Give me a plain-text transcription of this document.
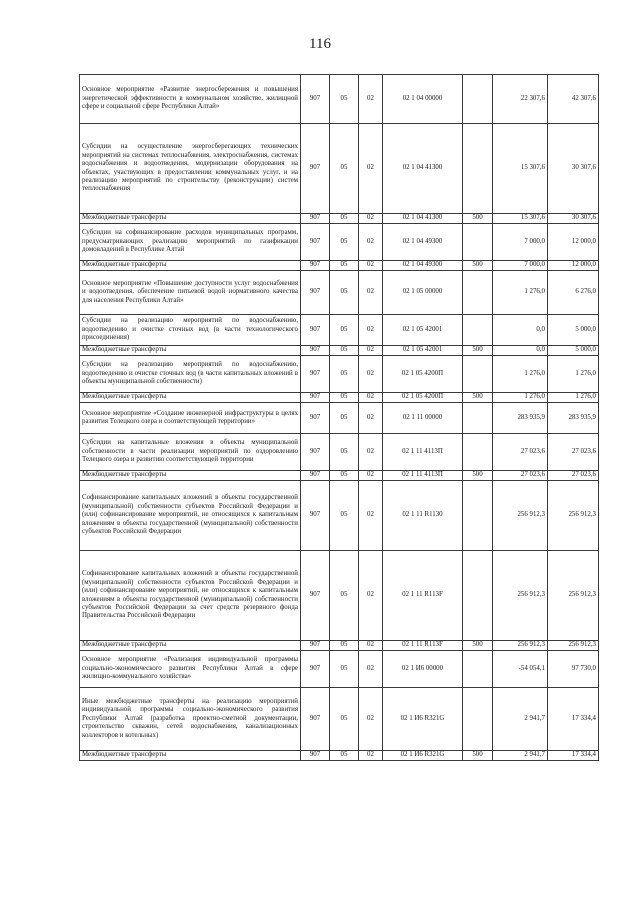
116
Основное мероприятие «Развитие энергосбережения и повышения энергетической эффективности в коммунальном хозяйстве, жилищной сфере и социальной сфере Республики Алтай»	907	05	02	02 1 04 00000		22 307,6	42 307,6
Субсидии на осуществление энергосберегающих технических мероприятий на системах теплоснабжения, электроснабжения, системах водоснабжения и водоотведения, модернизации оборудования на объектах, участвующих в предоставлении коммунальных услуг, и на реализацию мероприятий по строительству (реконструкции) систем теплоснабжения	907	05	02	02 1 04 41300		15 307,6	30 307,6
Межбюджетные трансферты	907	05	02	02 1 04 41300	500	15 307,6	30 307,6
Субсидии на софинансирование расходов муниципальных программ, предусматривающих реализацию мероприятий по газификации домовладений в Республике Алтай	907	05	02	02 1 04 49300		7 000,0	12 000,0
Межбюджетные трансферты	907	05	02	02 1 04 49300	500	7 000,0	12 000,0
Основное мероприятие «Повышение доступности услуг водоснабжения и водоотведения, обеспечение питьевой водой нормативного качества для населения Республики Алтай»	907	05	02	02 1 05 00000		1 276,0	6 276,0
Субсидии на реализацию мероприятий по водоснабжению, водоотведению и очистке сточных вод (в части технологического присоединения)	907	05	02	02 1 05 42001		0,0	5 000,0
Межбюджетные трансферты	907	05	02	02 1 05 42001	500	0,0	5 000,0
Субсидии на реализацию мероприятий по водоснабжению, водоотведению и очистке сточных вод (в части капитальных вложений в объекты муниципальной собственности)	907	05	02	02 1 05 4200П		1 276,0	1 276,0
Межбюджетные трансферты	907	05	02	02 1 05 4200П	500	1 276,0	1 276,0
Основное мероприятие «Создание инженерной инфраструктуры в целях развития Телецкого озера и соответствующей территории»	907	05	02	02 1 11 00000		283 935,9	283 935,9
Субсидии на капитальные вложения в объекты муниципальной собственности в части реализации мероприятий по оздоровлению Телецкого озера и развитию соответствующей территории	907	05	02	02 1 11 4113П		27 023,6	27 023,6
Межбюджетные трансферты	907	05	02	02 1 11 4113П	500	27 023,6	27 023,6
Софинансирование капитальных вложений в объекты государственной (муниципальной) собственности субъектов Российской Федерации и (или) софинансирование мероприятий, не относящихся к капитальным вложениям в объекты государственной (муниципальной) собственности субъектов Российской Федерации	907	05	02	02 1 11 R1130		256 912,3	256 912,3
Софинансирование капитальных вложений в объекты государственной (муниципальной) собственности субъектов Российской Федерации и (или) софинансирование мероприятий, не относящихся к капитальным вложениям в объекты государственной (муниципальной) собственности субъектов Российской Федерации за счет средств резервного фонда Правительства Российской Федерации	907	05	02	02 1 11 R113F		256 912,3	256 912,3
Межбюджетные трансферты	907	05	02	02 1 11 R113F	500	256 912,3	256 912,3
Основное мероприятие «Реализация индивидуальной программы социально-экономического развития Республики Алтай в сфере жилищно-коммунального хозяйства»	907	05	02	02 1 И6 00000		-54 054,1	97 730,0
Иные межбюджетные трансферты на реализацию мероприятий индивидуальной программы социально-экономического развития Республики Алтай (разработка проектно-сметной документации, строительство скважин, сетей водоснабжения, канализационных коллекторов и котельных)	907	05	02	02 1 И6 R321G		2 941,7	17 334,4
Межбюджетные трансферты	907	05	02	02 1 И6 R321G	500	2 941,7	17 334,4
